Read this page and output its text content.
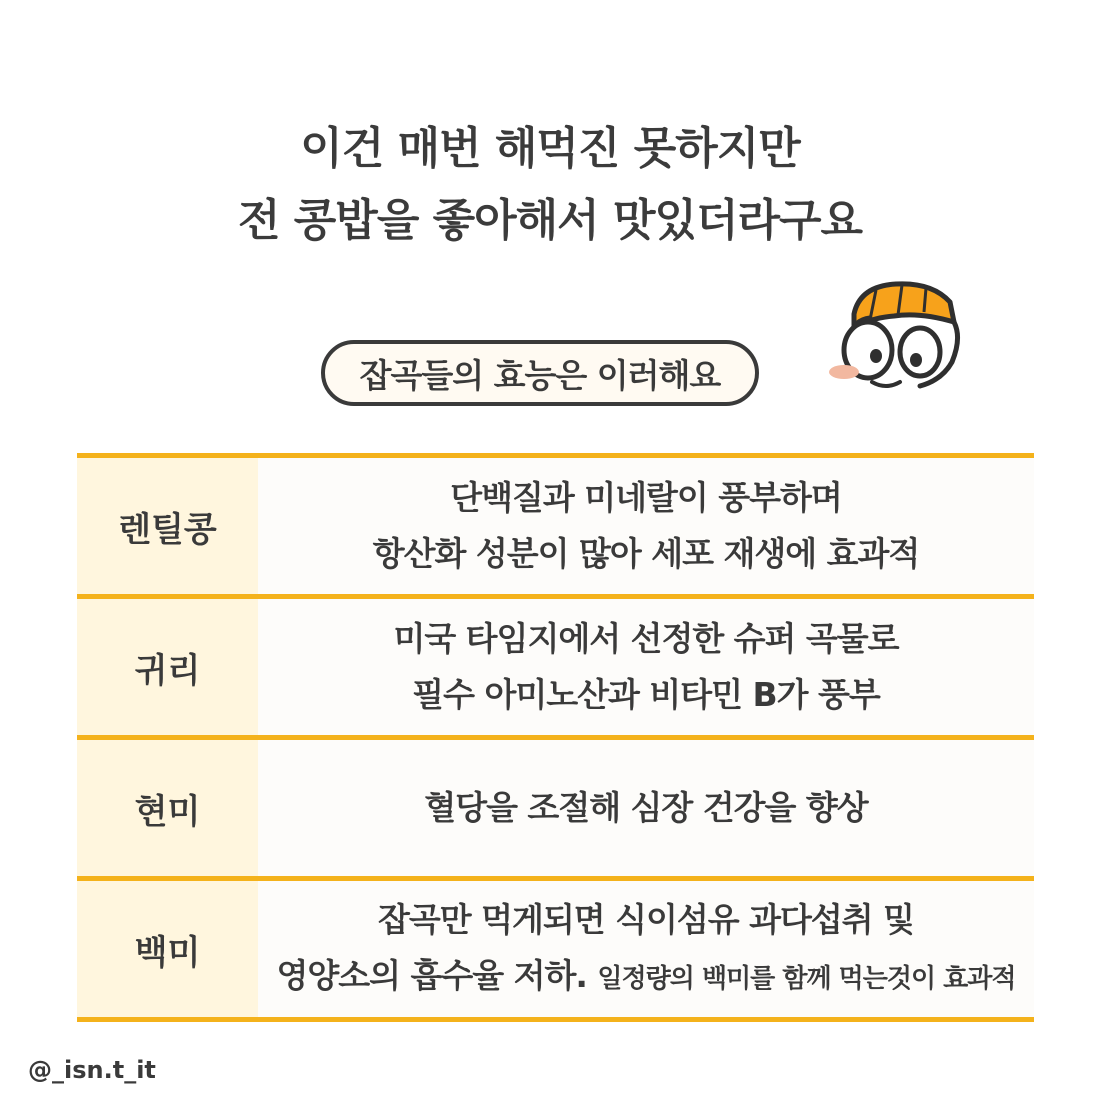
이건 매번 해먹진 못하지만
전 콩밥을 좋아해서 맛있더라구요
잡곡들의 효능은 이러해요
렌틸콩
단백질과 미네랄이 풍부하며
항산화 성분이 많아 세포 재생에 효과적
귀리
미국 타임지에서 선정한 슈퍼 곡물로
필수 아미노산과 비타민 B가 풍부
현미	혈당을 조절해 심장 건강을 향상
백미
잡곡만 먹게되면 식이섬유 과다섭취 및
영양소의 흡수율 저하. 일정량의 백미를 함께 먹는것이 효과적
@_isn.t_it
